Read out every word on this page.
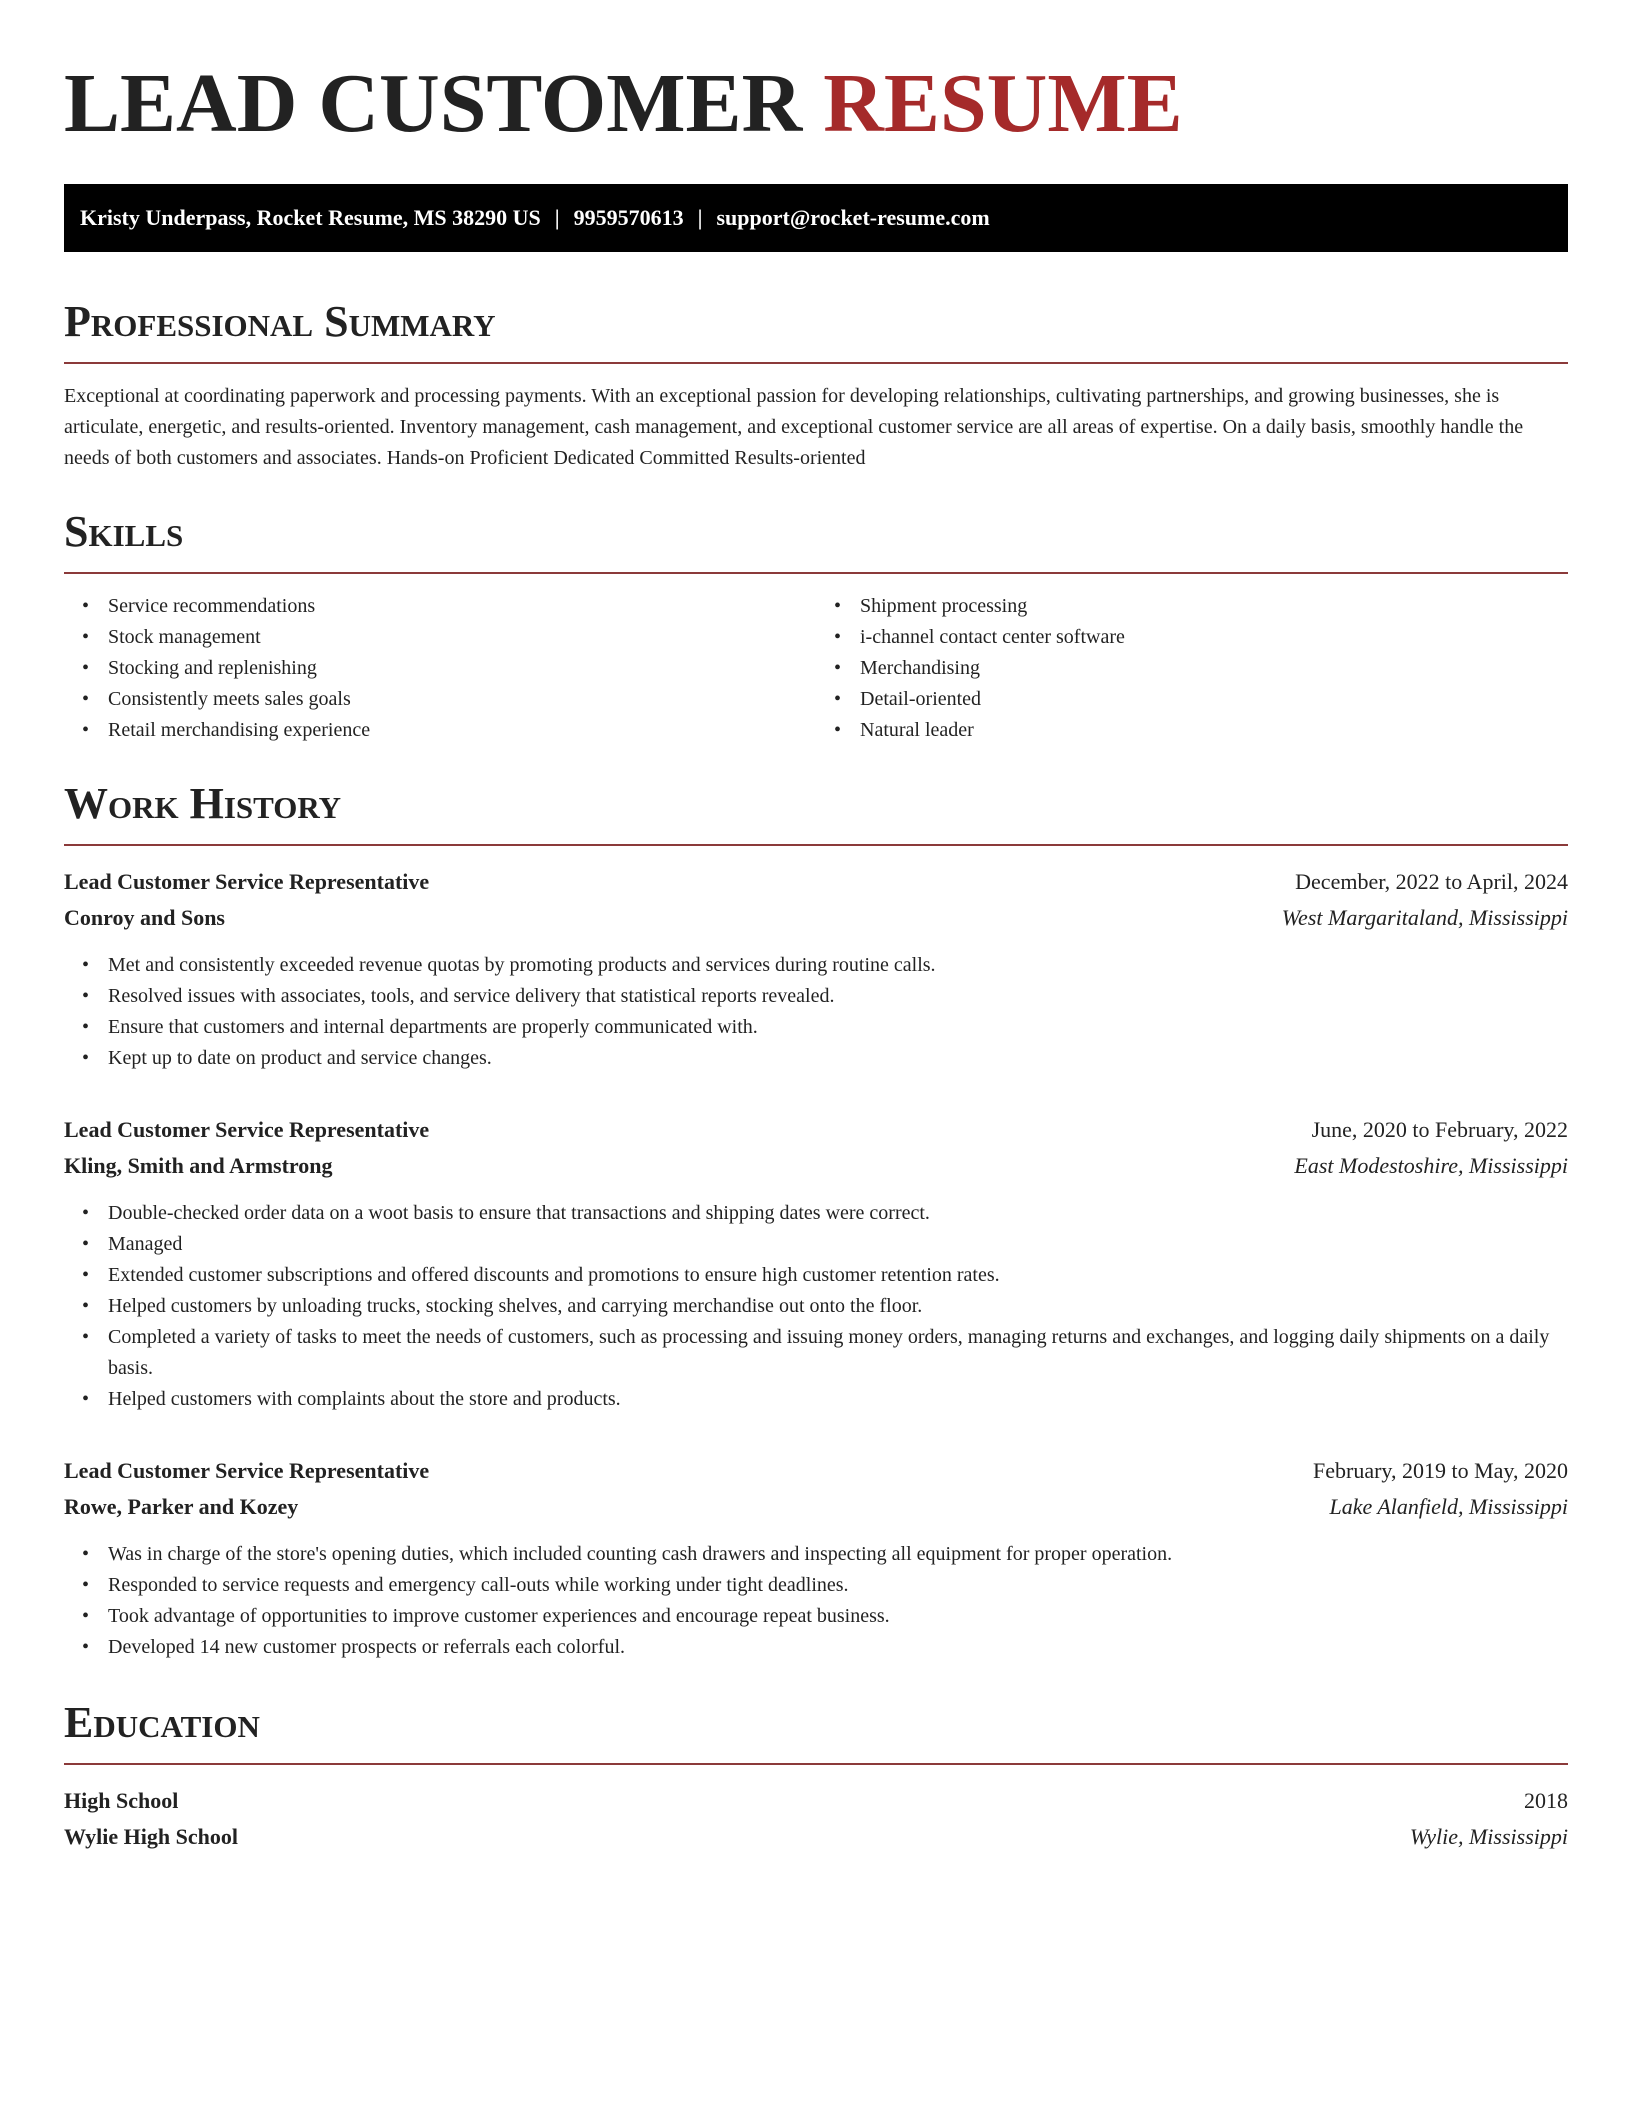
LEAD CUSTOMER RESUME
Kristy Underpass, Rocket Resume, MS 38290 US | 9959570613 | support@rocket-resume.com
Professional Summary

Exceptional at coordinating paperwork and processing payments. With an exceptional passion for developing relationships, cultivating partnerships, and growing businesses, she is articulate, energetic, and results-oriented. Inventory management, cash management, and exceptional customer service are all areas of expertise. On a daily basis, smoothly handle the needs of both customers and associates. Hands-on Proficient Dedicated Committed Results-oriented

Skills
• Service recommendations
• Stock management
• Stocking and replenishing
• Consistently meets sales goals
• Retail merchandising experience
• Shipment processing
• i-channel contact center software
• Merchandising
• Detail-oriented
• Natural leader
Work History
Lead Customer Service Representative	December, 2022 to April, 2024
Conroy and Sons	West Margaritaland, Mississippi
• Met and consistently exceeded revenue quotas by promoting products and services during routine calls.
• Resolved issues with associates, tools, and service delivery that statistical reports revealed.
• Ensure that customers and internal departments are properly communicated with.
• Kept up to date on product and service changes.
Lead Customer Service Representative	June, 2020 to February, 2022
Kling, Smith and Armstrong	East Modestoshire, Mississippi
• Double-checked order data on a woot basis to ensure that transactions and shipping dates were correct.
• Managed
• Extended customer subscriptions and offered discounts and promotions to ensure high customer retention rates.
• Helped customers by unloading trucks, stocking shelves, and carrying merchandise out onto the floor.
• Completed a variety of tasks to meet the needs of customers, such as processing and issuing money orders, managing returns and exchanges, and logging daily shipments on a daily basis.
• Helped customers with complaints about the store and products.
Lead Customer Service Representative	February, 2019 to May, 2020
Rowe, Parker and Kozey	Lake Alanfield, Mississippi
• Was in charge of the store's opening duties, which included counting cash drawers and inspecting all equipment for proper operation.
• Responded to service requests and emergency call-outs while working under tight deadlines.
• Took advantage of opportunities to improve customer experiences and encourage repeat business.
• Developed 14 new customer prospects or referrals each colorful.
Education
High School	2018
Wylie High School	Wylie, Mississippi
